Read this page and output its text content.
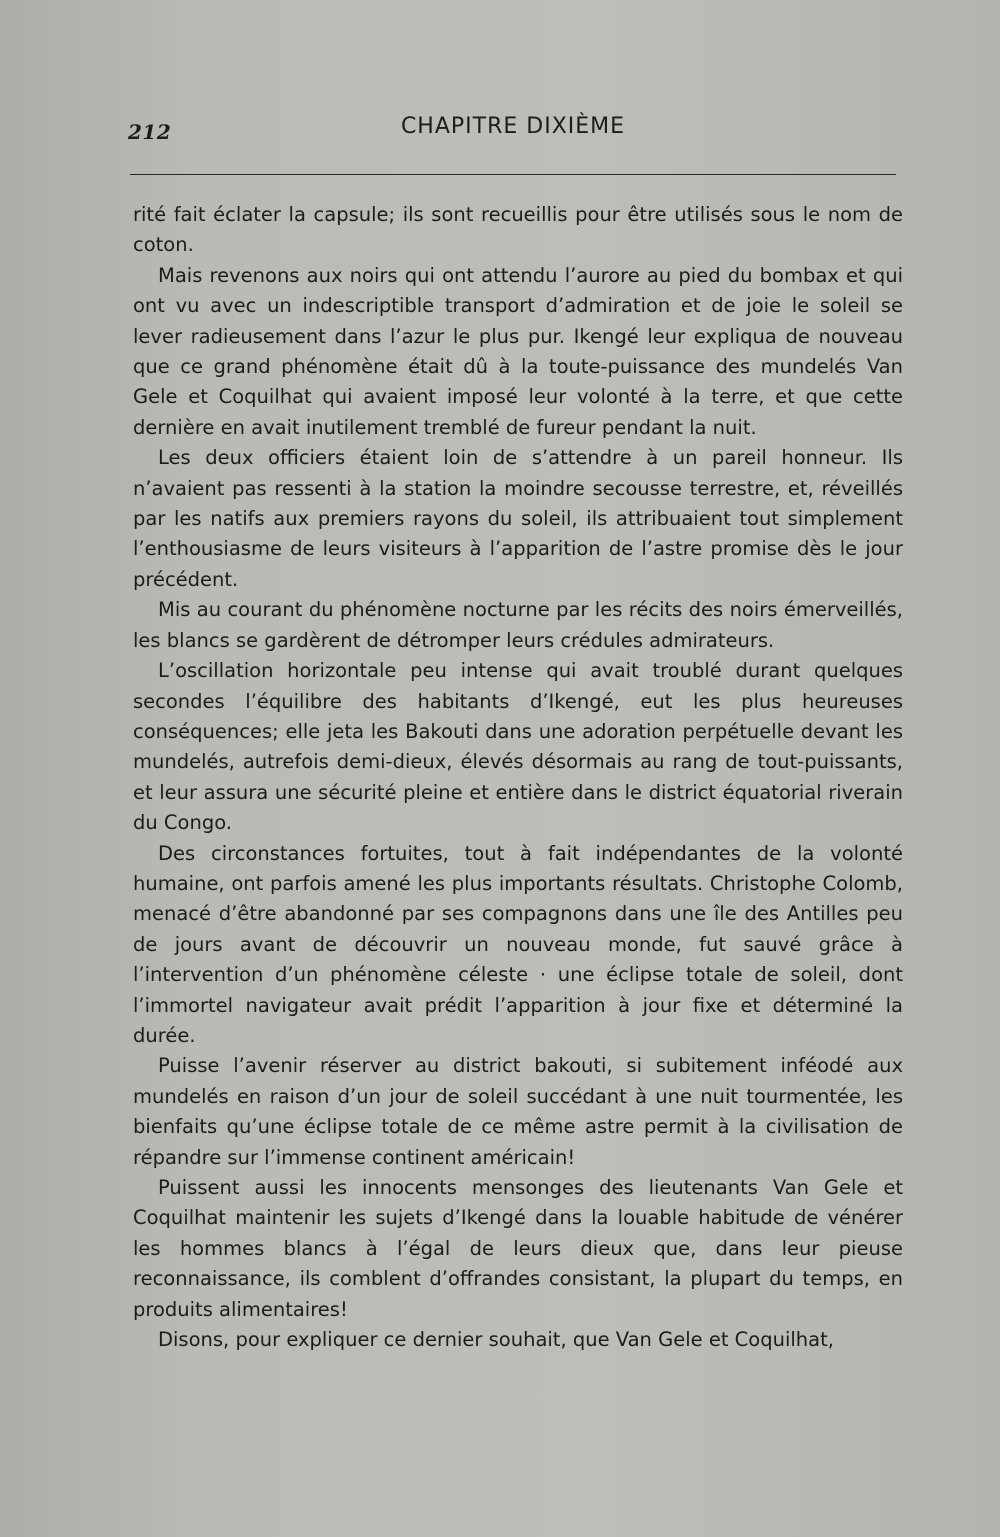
212	CHAPITRE DIXIÈME

rité fait éclater la capsule; ils sont recueillis pour être utilisés sous le nom de coton.

Mais revenons aux noirs qui ont attendu l’aurore au pied du bombax et qui ont vu avec un indescriptible transport d’admiration et de joie le soleil se lever radieusement dans l’azur le plus pur. Ikengé leur expliqua de nouveau que ce grand phénomène était dû à la toute-puissance des mundelés Van Gele et Coquilhat qui avaient imposé leur volonté à la terre, et que cette dernière en avait inutilement tremblé de fureur pendant la nuit.

Les deux officiers étaient loin de s’attendre à un pareil honneur. Ils n’avaient pas ressenti à la station la moindre secousse terrestre, et, réveillés par les natifs aux premiers rayons du soleil, ils attribuaient tout simplement l’enthousiasme de leurs visiteurs à l’apparition de l’astre promise dès le jour précédent.

Mis au courant du phénomène nocturne par les récits des noirs émerveillés, les blancs se gardèrent de détromper leurs crédules admirateurs.

L’oscillation horizontale peu intense qui avait troublé durant quelques secondes l’équilibre des habitants d’Ikengé, eut les plus heureuses conséquences; elle jeta les Bakouti dans une adoration perpétuelle devant les mundelés, autrefois demi-dieux, élevés désormais au rang de tout-puissants, et leur assura une sécurité pleine et entière dans le district équatorial riverain du Congo.

Des circonstances fortuites, tout à fait indépendantes de la volonté humaine, ont parfois amené les plus importants résultats. Christophe Colomb, menacé d’être abandonné par ses compagnons dans une île des Antilles peu de jours avant de découvrir un nouveau monde, fut sauvé grâce à l’intervention d’un phénomène céleste · une éclipse totale de soleil, dont l’immortel navigateur avait prédit l’apparition à jour fixe et déterminé la durée.

Puisse l’avenir réserver au district bakouti, si subitement inféodé aux mundelés en raison d’un jour de soleil succédant à une nuit tourmentée, les bienfaits qu’une éclipse totale de ce même astre permit à la civilisation de répandre sur l’immense continent américain!

Puissent aussi les innocents mensonges des lieutenants Van Gele et Coquilhat maintenir les sujets d’Ikengé dans la louable habitude de vénérer les hommes blancs à l’égal de leurs dieux que, dans leur pieuse reconnaissance, ils comblent d’offrandes consistant, la plupart du temps, en produits alimentaires!

Disons, pour expliquer ce dernier souhait, que Van Gele et Coquilhat,
